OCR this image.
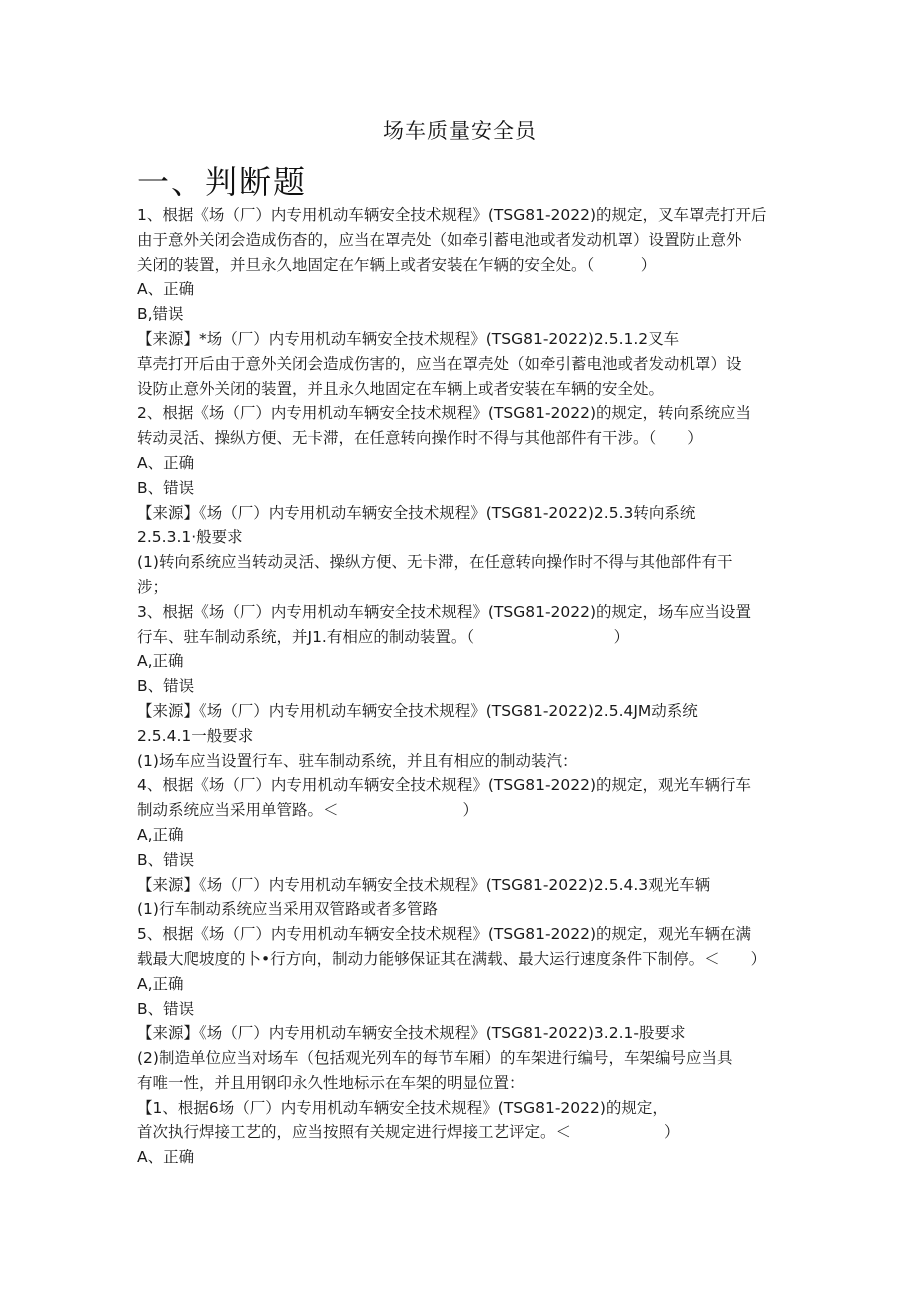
场车质量安全员
一、判断题
1、根据《场（厂）内专用机动车辆安全技术规程》(TSG81-2022)的规定，叉车罩壳打开后
由于意外关闭会造成伤杳的，应当在罩壳处（如牵引蓄电池或者发动机罩）设置防止意外
关闭的装置，并旦永久地固定在乍辆上或者安装在乍辆的安全处。（　　　）
A、正确
B,错误
【来源】*场（厂）内专用机动车辆安全技术规程》(TSG81-2022)2.5.1.2叉车
草壳打开后由于意外关闭会造成伤害的，应当在罩壳处（如牵引蓄电池或者发动机罩）设
设防止意外关闭的装置，并且永久地固定在车辆上或者安装在车辆的安全处。
2、根据《场（厂）内专用机动车辆安全技术规程》(TSG81-2022)的规定，转向系统应当
转动灵活、操纵方便、无卡滞，在任意转向操作时不得与其他部件有干涉。（　　）
A、正确
B、错误
【来源】《场（厂）内专用机动车辆安全技术规程》(TSG81-2022)2.5.3转向系统
2.5.3.1·般要求
(1)转向系统应当转动灵活、操纵方便、无卡滞，在任意转向操作时不得与其他部件有干
涉；
3、根据《场（厂）内专用机动车辆安全技术规程》(TSG81-2022)的规定，场车应当设置
行车、驻车制动系统，并J1.有相应的制动装置。（　　　　　　　　　）
A,正确
B、错误
【来源】《场（厂）内专用机动车辆安全技术规程》(TSG81-2022)2.5.4JM动系统
2.5.4.1一般要求
(1)场车应当设置行车、驻车制动系统，并且有相应的制动装汽：
4、根据《场（厂）内专用机动车辆安全技术规程》(TSG81-2022)的规定，观光车辆行车
制动系统应当采用单管路。＜　　　　　　　　）
A,正确
B、错误
【来源】《场（厂）内专用机动车辆安全技术规程》(TSG81-2022)2.5.4.3观光车辆
(1)行车制动系统应当采用双管路或者多管路
5、根据《场（厂）内专用机动车辆安全技术规程》(TSG81-2022)的规定，观光车辆在满
载最大爬坡度的卜•行方向，制动力能够保证其在满载、最大运行速度条件下制停。＜　　）
A,正确
B、错误
【来源】《场（厂）内专用机动车辆安全技术规程》(TSG81-2022)3.2.1-股要求
(2)制造单位应当对场车（包括观光列车的每节车厢）的车架进行编号，车架编号应当具
有唯一性，并且用钢印永久性地标示在车架的明显位置：
【1、根据6场（厂）内专用机动车辆安全技术规程》(TSG81-2022)的规定，
首次执行焊接工艺的，应当按照有关规定进行焊接工艺评定。＜　　　　　　）
A、正确
